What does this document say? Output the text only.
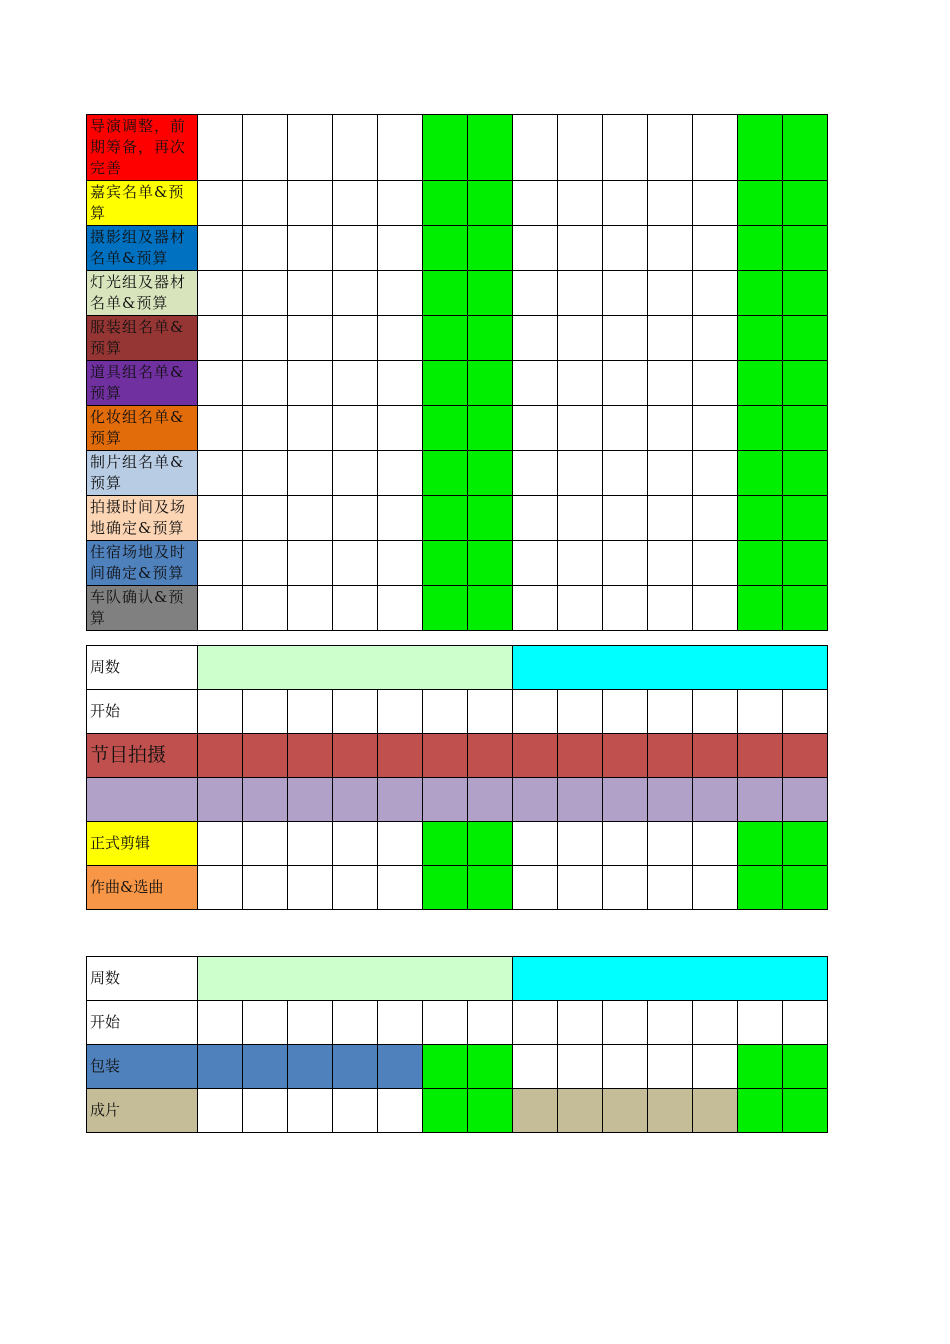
导演调整，前期筹备，再次完善														
嘉宾名单&预算														
摄影组及器材名单&预算														
灯光组及器材名单&预算														
服装组名单&预算														
道具组名单&预算														
化妆组名单&预算														
制片组名单&预算														
拍摄时间及场地确定&预算														
住宿场地及时间确定&预算														
车队确认&预算														
周数														
开始														
节目拍摄														

正式剪辑														
作曲&选曲														
周数														
开始														
包装														
成片														
